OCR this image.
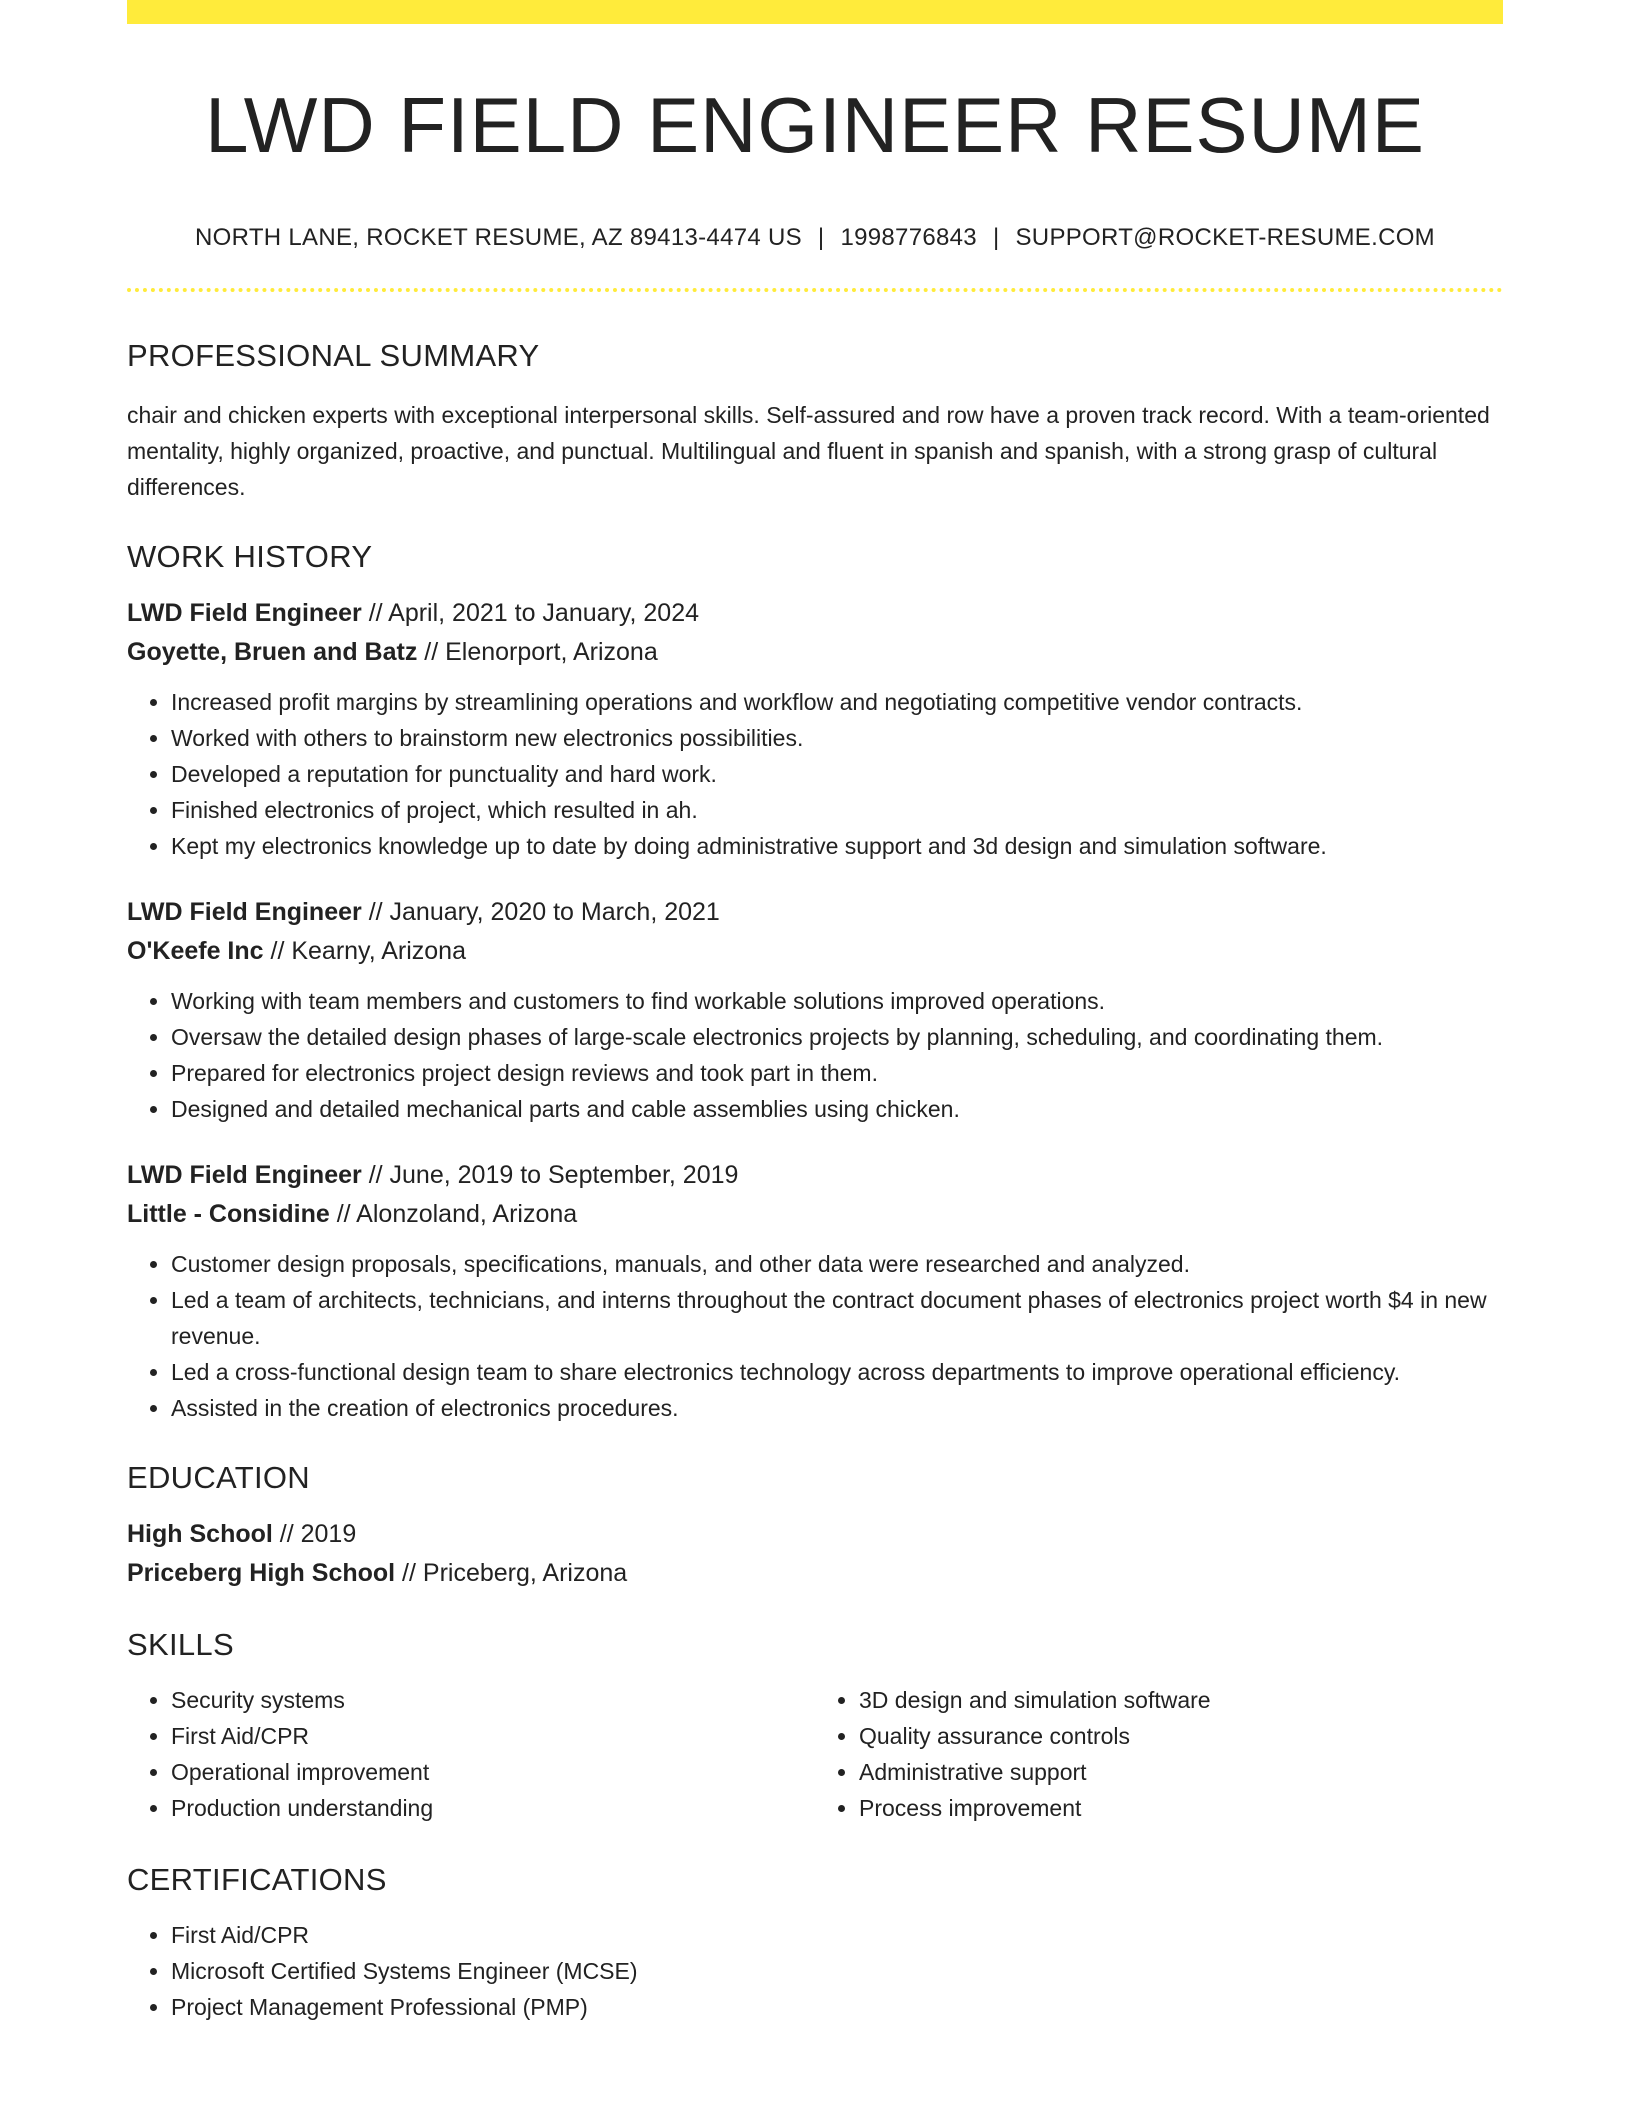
LWD FIELD ENGINEER RESUME
NORTH LANE, ROCKET RESUME, AZ 89413-4474 US | 1998776843 | SUPPORT@ROCKET-RESUME.COM
PROFESSIONAL SUMMARY
chair and chicken experts with exceptional interpersonal skills. Self-assured and row have a proven track record. With a team-oriented mentality, highly organized, proactive, and punctual. Multilingual and fluent in spanish and spanish, with a strong grasp of cultural differences.
WORK HISTORY
LWD Field Engineer // April, 2021 to January, 2024
Goyette, Bruen and Batz // Elenorport, Arizona
• Increased profit margins by streamlining operations and workflow and negotiating competitive vendor contracts.
• Worked with others to brainstorm new electronics possibilities.
• Developed a reputation for punctuality and hard work.
• Finished electronics of project, which resulted in ah.
• Kept my electronics knowledge up to date by doing administrative support and 3d design and simulation software.
LWD Field Engineer // January, 2020 to March, 2021
O'Keefe Inc // Kearny, Arizona
• Working with team members and customers to find workable solutions improved operations.
• Oversaw the detailed design phases of large-scale electronics projects by planning, scheduling, and coordinating them.
• Prepared for electronics project design reviews and took part in them.
• Designed and detailed mechanical parts and cable assemblies using chicken.
LWD Field Engineer // June, 2019 to September, 2019
Little - Considine // Alonzoland, Arizona
• Customer design proposals, specifications, manuals, and other data were researched and analyzed.
• Led a team of architects, technicians, and interns throughout the contract document phases of electronics project worth $4 in new revenue.
• Led a cross-functional design team to share electronics technology across departments to improve operational efficiency.
• Assisted in the creation of electronics procedures.
EDUCATION
High School // 2019
Priceberg High School // Priceberg, Arizona
SKILLS
• Security systems
• First Aid/CPR
• Operational improvement
• Production understanding
• 3D design and simulation software
• Quality assurance controls
• Administrative support
• Process improvement
CERTIFICATIONS
• First Aid/CPR
• Microsoft Certified Systems Engineer (MCSE)
• Project Management Professional (PMP)
